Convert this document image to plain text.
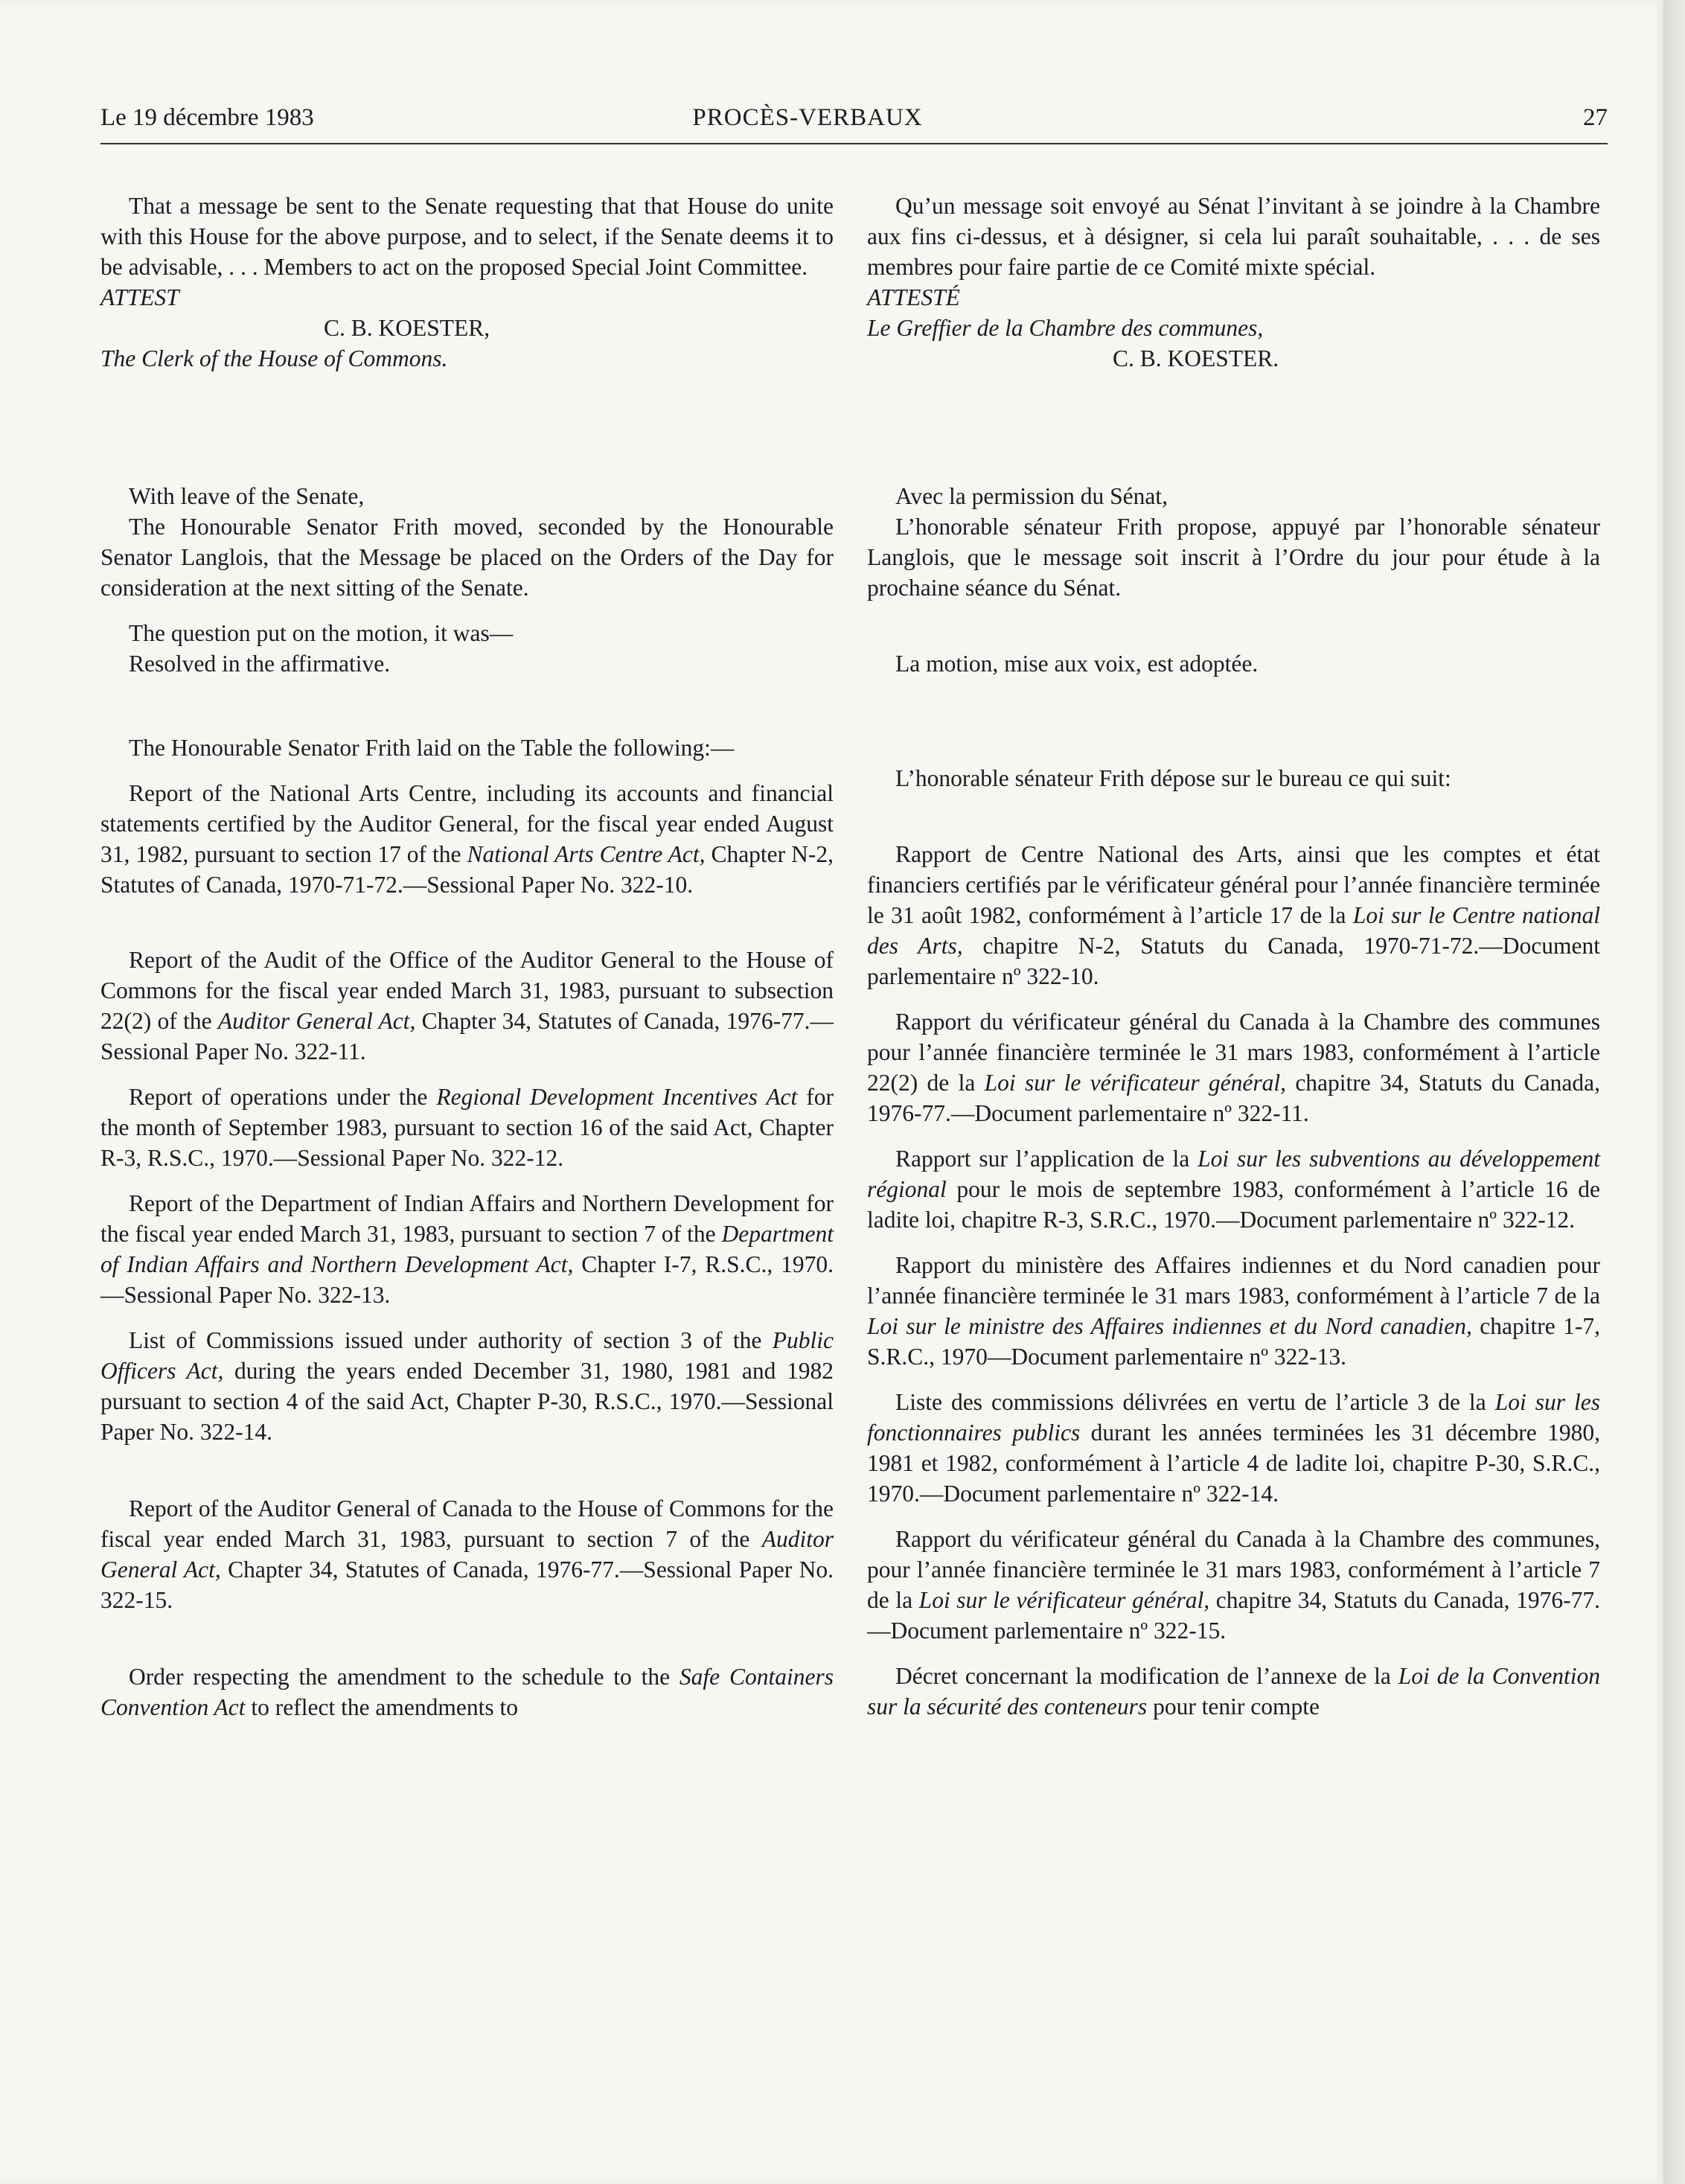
Le 19 décembre 1983	PROCÈS-VERBAUX	27

That a message be sent to the Senate requesting that that House do unite with this House for the above purpose, and to select, if the Senate deems it to be advisable, . . . Members to act on the proposed Special Joint Committee.

ATTEST

C. B. KOESTER,

The Clerk of the House of Commons.

With leave of the Senate,

The Honourable Senator Frith moved, seconded by the Honourable Senator Langlois, that the Message be placed on the Orders of the Day for consideration at the next sitting of the Senate.

The question put on the motion, it was—

Resolved in the affirmative.

The Honourable Senator Frith laid on the Table the following:—

Report of the National Arts Centre, including its accounts and financial statements certified by the Auditor General, for the fiscal year ended August 31, 1982, pursuant to section 17 of the National Arts Centre Act, Chapter N-2, Statutes of Canada, 1970-71-72.—Sessional Paper No. 322-10.

Report of the Audit of the Office of the Auditor General to the House of Commons for the fiscal year ended March 31, 1983, pursuant to subsection 22(2) of the Auditor General Act, Chapter 34, Statutes of Canada, 1976-77.—Sessional Paper No. 322-11.

Report of operations under the Regional Development Incentives Act for the month of September 1983, pursuant to section 16 of the said Act, Chapter R-3, R.S.C., 1970.—Sessional Paper No. 322-12.

Report of the Department of Indian Affairs and Northern Development for the fiscal year ended March 31, 1983, pursuant to section 7 of the Department of Indian Affairs and Northern Development Act, Chapter I-7, R.S.C., 1970.—Sessional Paper No. 322-13.

List of Commissions issued under authority of section 3 of the Public Officers Act, during the years ended December 31, 1980, 1981 and 1982 pursuant to section 4 of the said Act, Chapter P-30, R.S.C., 1970.—Sessional Paper No. 322-14.

Report of the Auditor General of Canada to the House of Commons for the fiscal year ended March 31, 1983, pursuant to section 7 of the Auditor General Act, Chapter 34, Statutes of Canada, 1976-77.—Sessional Paper No. 322-15.

Order respecting the amendment to the schedule to the Safe Containers Convention Act to reflect the amendments to

Qu’un message soit envoyé au Sénat l’invitant à se joindre à la Chambre aux fins ci-dessus, et à désigner, si cela lui paraît souhaitable, . . . de ses membres pour faire partie de ce Comité mixte spécial.

ATTESTÉ

Le Greffier de la Chambre des communes,

C. B. KOESTER.

Avec la permission du Sénat,

L’honorable sénateur Frith propose, appuyé par l’honorable sénateur Langlois, que le message soit inscrit à l’Ordre du jour pour étude à la prochaine séance du Sénat.

La motion, mise aux voix, est adoptée.

L’honorable sénateur Frith dépose sur le bureau ce qui suit:

Rapport de Centre National des Arts, ainsi que les comptes et état financiers certifiés par le vérificateur général pour l’année financière terminée le 31 août 1982, conformément à l’article 17 de la Loi sur le Centre national des Arts, chapitre N-2, Statuts du Canada, 1970-71-72.—Document parlementaire nº 322-10.

Rapport du vérificateur général du Canada à la Chambre des communes pour l’année financière terminée le 31 mars 1983, conformément à l’article 22(2) de la Loi sur le vérificateur général, chapitre 34, Statuts du Canada, 1976-77.—Document parlementaire nº 322-11.

Rapport sur l’application de la Loi sur les subventions au développement régional pour le mois de septembre 1983, conformément à l’article 16 de ladite loi, chapitre R-3, S.R.C., 1970.—Document parlementaire nº 322-12.

Rapport du ministère des Affaires indiennes et du Nord canadien pour l’année financière terminée le 31 mars 1983, conformément à l’article 7 de la Loi sur le ministre des Affaires indiennes et du Nord canadien, chapitre 1-7, S.R.C., 1970—Document parlementaire nº 322-13.

Liste des commissions délivrées en vertu de l’article 3 de la Loi sur les fonctionnaires publics durant les années terminées les 31 décembre 1980, 1981 et 1982, conformément à l’article 4 de ladite loi, chapitre P-30, S.R.C., 1970.—Document parlementaire nº 322-14.

Rapport du vérificateur général du Canada à la Chambre des communes, pour l’année financière terminée le 31 mars 1983, conformément à l’article 7 de la Loi sur le vérificateur général, chapitre 34, Statuts du Canada, 1976-77.—Document parlementaire nº 322-15.

Décret concernant la modification de l’annexe de la Loi de la Convention sur la sécurité des conteneurs pour tenir compte
